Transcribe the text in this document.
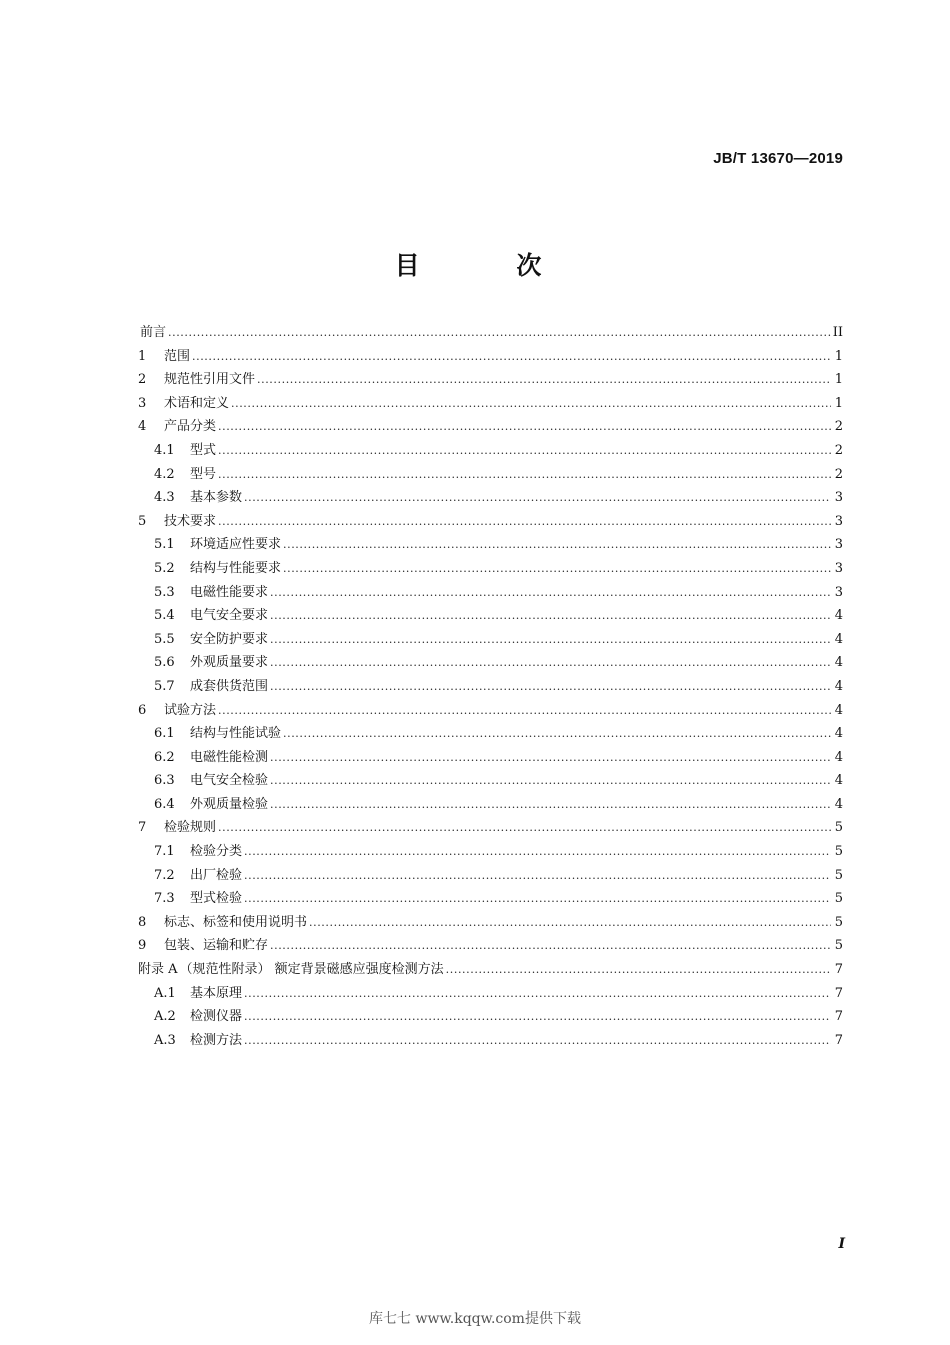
JB/T 13670—2019
目 次
前言 .....	II
1	范围 .....	1
2	规范性引用文件 .....	1
3	术语和定义 .....	1
4	产品分类 .....	2
4.1	型式 .....	2
4.2	型号 .....	2
4.3	基本参数 .....	3
5	技术要求 .....	3
5.1	环境适应性要求 .....	3
5.2	结构与性能要求 .....	3
5.3	电磁性能要求 .....	3
5.4	电气安全要求 .....	4
5.5	安全防护要求 .....	4
5.6	外观质量要求 .....	4
5.7	成套供货范围 .....	4
6	试验方法 .....	4
6.1	结构与性能试验 .....	4
6.2	电磁性能检测 .....	4
6.3	电气安全检验 .....	4
6.4	外观质量检验 .....	4
7	检验规则 .....	5
7.1	检验分类 .....	5
7.2	出厂检验 .....	5
7.3	型式检验 .....	5
8	标志、标签和使用说明书 .....	5
9	包装、运输和贮存 .....	5
附录 A （规范性附录） 额定背景磁感应强度检测方法 .....	7
A.1	基本原理 .....	7
A.2	检测仪器 .....	7
A.3	检测方法 .....	7
I
库七七 www.kqqw.com提供下载
